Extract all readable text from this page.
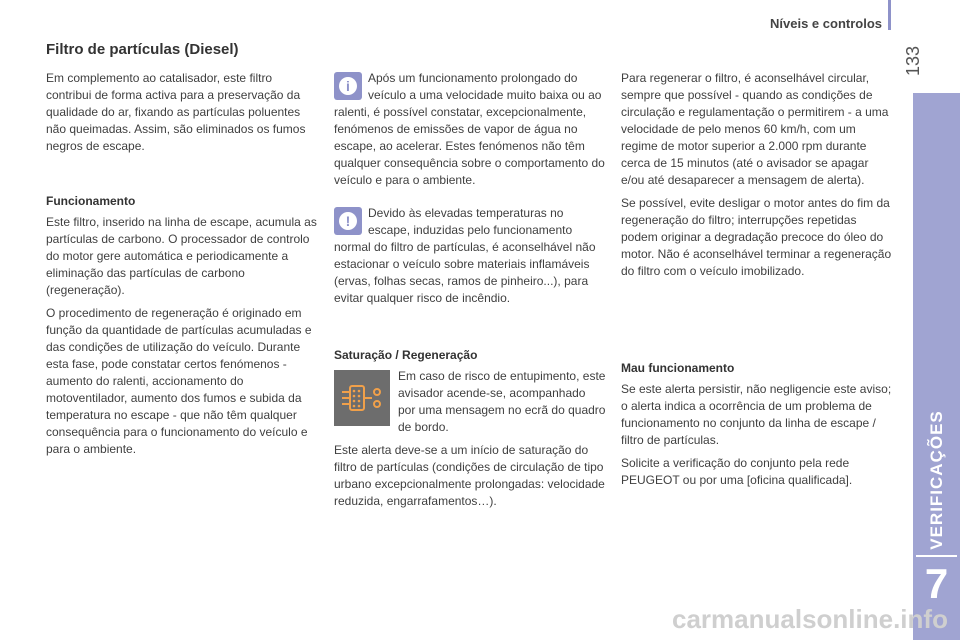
Níveis e controlos
133
VERIFICAÇÕES
7
Filtro de partículas (Diesel)

Em complemento ao catalisador, este filtro contribui de forma activa para a preservação da qualidade do ar, fixando as partículas poluentes não queimadas. Assim, são eliminados os fumos negros de escape.

Funcionamento

Este filtro, inserido na linha de escape, acumula as partículas de carbono. O processador de controlo do motor gere automática e periodicamente a eliminação das partículas de carbono (regeneração).

O procedimento de regeneração é originado em função da quantidade de partículas acumuladas e das condições de utilização do veículo. Durante esta fase, pode constatar certos fenómenos - aumento do ralenti, accionamento do motoventilador, aumento dos fumos e subida da temperatura no escape - que não têm qualquer consequência para o funcionamento do veículo e para o ambiente.

i	Após um funcionamento prolongado do veículo a uma velocidade muito baixa ou ao ralenti, é possível constatar, excepcionalmente, fenómenos de emissões de vapor de água no escape, ao acelerar. Estes fenómenos não têm qualquer consequência sobre o comportamento do veículo e para o ambiente.

!	Devido às elevadas temperaturas no escape, induzidas pelo funcionamento normal do filtro de partículas, é aconselhável não estacionar o veículo sobre materiais inflamáveis (ervas, folhas secas, ramos de pinheiro...), para evitar qualquer risco de incêndio.

Saturação / Regeneração

Em caso de risco de entupimento, este avisador acende-se, acompanhado por uma mensagem no ecrã do quadro de bordo.

Este alerta deve-se a um início de saturação do filtro de partículas (condições de circulação de tipo urbano excepcionalmente prolongadas: velocidade reduzida, engarrafamentos…).

Para regenerar o filtro, é aconselhável circular, sempre que possível - quando as condições de circulação e regulamentação o permitirem - a uma velocidade de pelo menos 60 km/h, com um regime de motor superior a 2.000 rpm durante cerca de 15 minutos (até o avisador se apagar e/ou até desaparecer a mensagem de alerta).

Se possível, evite desligar o motor antes do fim da regeneração do filtro; interrupções repetidas podem originar a degradação precoce do óleo do motor. Não é aconselhável terminar a regeneração do filtro com o veículo imobilizado.

Mau funcionamento

Se este alerta persistir, não negligencie este aviso; o alerta indica a ocorrência de um problema de funcionamento no conjunto da linha de escape / filtro de partículas.

Solicite a verificação do conjunto pela rede PEUGEOT ou por uma [oficina qualificada].

carmanualsonline.info
